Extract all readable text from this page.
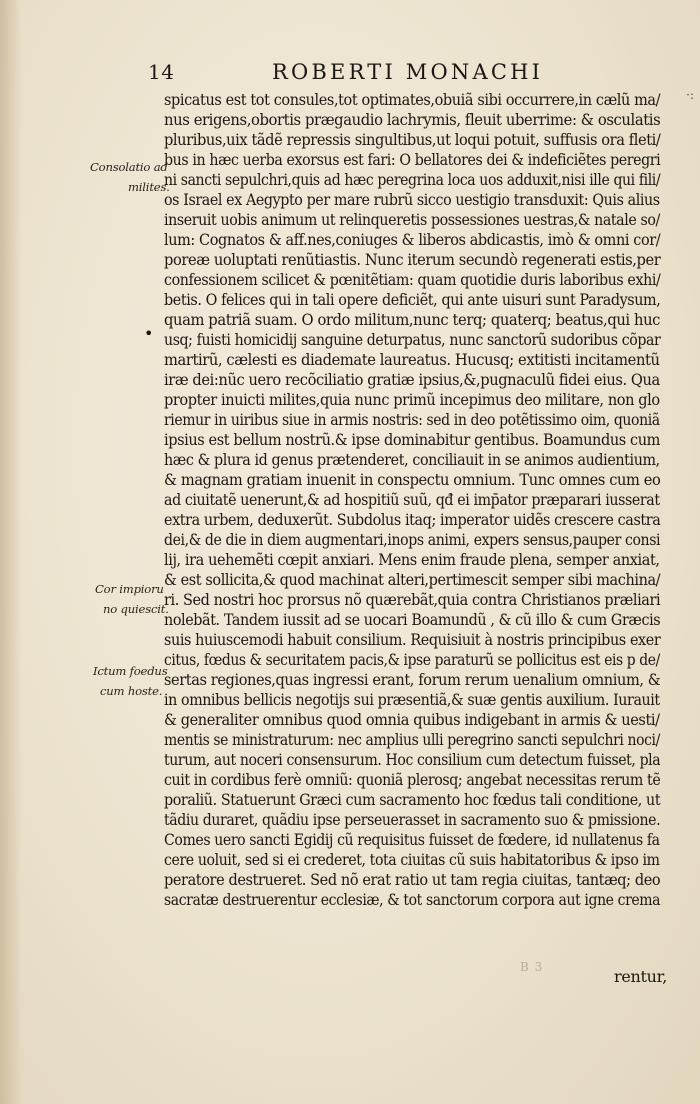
14	ROBERTI MONACHI
·:
Consolatio ad
milites.
Cor impioru
no quiescit.
Ictum foedus
cum hoste.
•
spicatus est tot consules,tot optimates,obuiã sibi occurrere,in cælũ ma/
nus erigens,obortis prægaudio lachrymis, fleuit uberrime: & osculatis
pluribus,uix tãdẽ repressis singultibus,ut loqui potuit, suffusis ora fleti/
bus in hæc uerba exorsus est fari: O bellatores dei & indeficiẽtes peregri
ni sancti sepulchri,quis ad hæc peregrina loca uos adduxit,nisi ille qui fili/
os Israel ex Aegypto per mare rubrũ sicco uestigio transduxit: Quis alius
inseruit uobis animum ut relinqueretis possessiones uestras,& natale so/
lum: Cognatos & aff.nes,coniuges & liberos abdicastis, imò & omni cor/
poreæ uoluptati renũtiastis. Nunc iterum secundò regenerati estis,per
confessionem scilicet & pœnitẽtiam: quam quotidie duris laboribus exhi/
betis. O felices qui in tali opere deficiẽt, qui ante uisuri sunt Paradysum,
quam patriã suam. O ordo militum,nunc terq; quaterq; beatus,qui huc
usq; fuisti homicidij sanguine deturpatus, nunc sanctorũ sudoribus cõpar
martirũ, cælesti es diademate laureatus. Hucusq; extitisti incitamentũ
iræ dei:nũc uero recõciliatio gratiæ ipsius,&,pugnaculũ fidei eius. Qua
propter inuicti milites,quia nunc primũ incepimus deo militare, non glo
riemur in uiribus siue in armis nostris: sed in deo potẽtissimo oim, quoniã
ipsius est bellum nostrũ.& ipse dominabitur gentibus. Boamundus cum
hæc & plura id genus prætenderet, conciliauit in se animos audientium,
& magnam gratiam inuenit in conspectu omnium. Tunc omnes cum eo
ad ciuitatẽ uenerunt,& ad hospitiũ suũ, qđ ei imp̄ator præparari iusserat
extra urbem, deduxerũt. Subdolus itaq; imperator uidẽs crescere castra
dei,& de die in diem augmentari,inops animi, expers sensus,pauper consi
lij, ira uehemẽti cœpit anxiari. Mens enim fraude plena, semper anxiat,
& est sollicita,& quod machinat alteri,pertimescit semper sibi machina/
ri. Sed nostri hoc prorsus nõ quærebãt,quia contra Christianos præliari
nolebãt. Tandem iussit ad se uocari Boamundũ , & cũ illo & cum Græcis
suis huiuscemodi habuit consilium. Requisiuit à nostris principibus exer
citus, fœdus & securitatem pacis,& ipse paraturũ se pollicitus est eis p de/
sertas regiones,quas ingressi erant, forum rerum uenalium omnium, &
in omnibus bellicis negotijs sui præsentiã,& suæ gentis auxilium. Iurauit
& generaliter omnibus quod omnia quibus indigebant in armis & uesti/
mentis se ministraturum: nec amplius ulli peregrino sancti sepulchri noci/
turum, aut noceri consensurum. Hoc consilium cum detectum fuisset, pla
cuit in cordibus ferè omniũ: quoniã plerosq; angebat necessitas rerum tẽ
poraliũ. Statuerunt Græci cum sacramento hoc fœdus tali conditione, ut
tãdiu duraret, quãdiu ipse perseuerasset in sacramento suo & pmissione.
Comes uero sancti Egidij cũ requisitus fuisset de fœdere, id nullatenus fa
cere uoluit, sed si ei crederet, tota ciuitas cũ suis habitatoribus & ipso im
peratore destrueret. Sed nõ erat ratio ut tam regia ciuitas, tantæq; deo
sacratæ destruerentur ecclesiæ, & tot sanctorum corpora aut igne crema
B 3	rentur,
